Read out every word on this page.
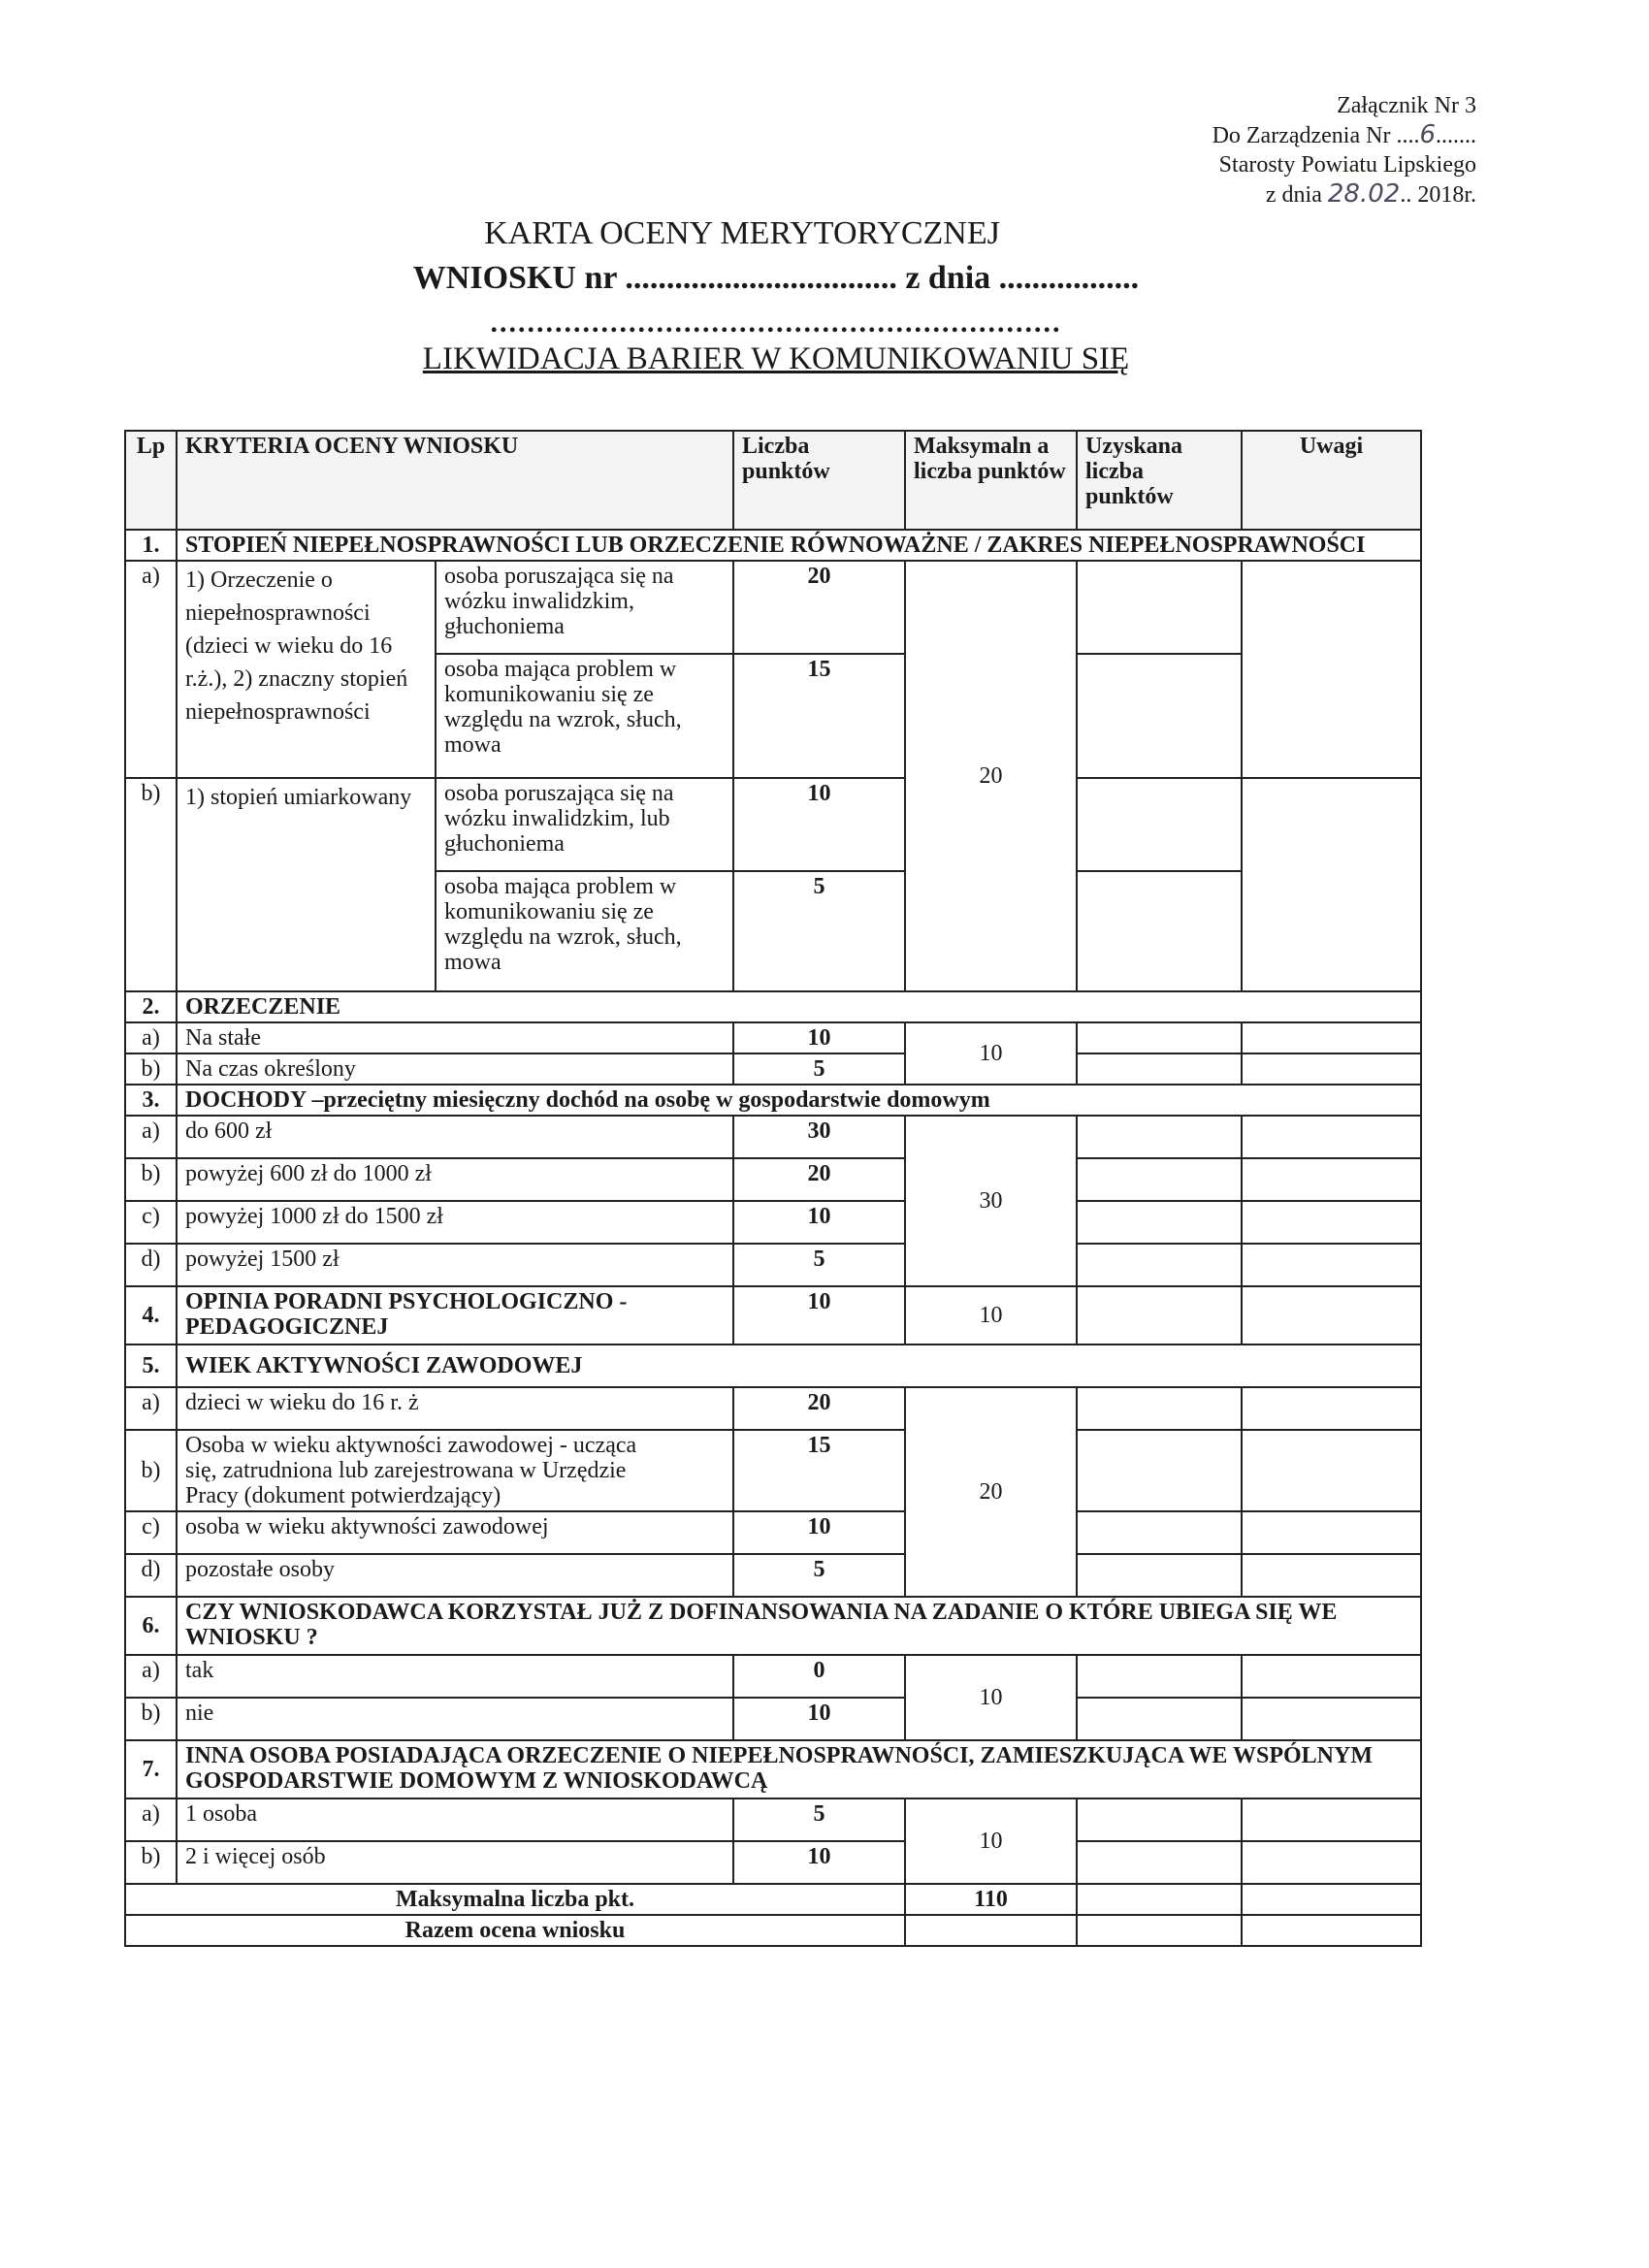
Załącznik Nr 3
Do Zarządzenia Nr ....6.......
Starosty Powiatu Lipskiego
z dnia 28.02.. 2018r.
KARTA OCENY MERYTORYCZNEJ
WNIOSKU nr ................................. z dnia .................
..............................................................
LIKWIDACJA BARIER W KOMUNIKOWANIU SIĘ
Lp	KRYTERIA OCENY WNIOSKU		Liczba punktów	Maksymaln a liczba punktów	Uzyskana liczba punktów	Uwagi
1.	STOPIEŃ NIEPEŁNOSPRAWNOŚCI LUB ORZECZENIE RÓWNOWAŻNE / ZAKRES NIEPEŁNOSPRAWNOŚCI					
a)	1) Orzeczenie o niepełnosprawności (dzieci w wieku do 16 r.ż.), 2) znaczny stopień niepełnosprawności	osoba poruszająca się na wózku inwalidzkim, głuchoniema	20	20		
		osoba mająca problem w komunikowaniu się ze względu na wzrok, słuch, mowa	15			
b)	1) stopień umiarkowany	osoba poruszająca się na wózku inwalidzkim, lub głuchoniema	10			
		osoba mająca problem w komunikowaniu się ze względu na wzrok, słuch, mowa	5			
2.	ORZECZENIE					
a)	Na stałe		10	10		
b)	Na czas określony		5			
3.	DOCHODY –przeciętny miesięczny dochód na osobę w gospodarstwie domowym					
a)	do 600 zł		30	30		
b)	powyżej 600 zł do 1000 zł		20			
c)	powyżej 1000 zł do 1500 zł		10			
d)	powyżej 1500 zł		5			
4.	OPINIA PORADNI PSYCHOLOGICZNO - PEDAGOGICZNEJ		10	10		
5.	WIEK AKTYWNOŚCI ZAWODOWEJ					
a)	dzieci w wieku do 16 r. ż		20	20		
b)	Osoba w wieku aktywności zawodowej - ucząca się, zatrudniona lub zarejestrowana w Urzędzie Pracy (dokument potwierdzający)		15			
c)	osoba w wieku aktywności zawodowej		10			
d)	pozostałe osoby		5			
6.	CZY WNIOSKODAWCA KORZYSTAŁ JUŻ Z DOFINANSOWANIA NA ZADANIE O KTÓRE UBIEGA SIĘ WE WNIOSKU ?					
a)	tak		0	10		
b)	nie		10			
7.	INNA OSOBA POSIADAJĄCA ORZECZENIE O NIEPEŁNOSPRAWNOŚCI, ZAMIESZKUJĄCA WE WSPÓLNYM GOSPODARSTWIE DOMOWYM Z WNIOSKODAWCĄ					
a)	1 osoba		5	10		
b)	2 i więcej osób		10			
Maksymalna liczba pkt.				110		
Razem ocena wniosku						
